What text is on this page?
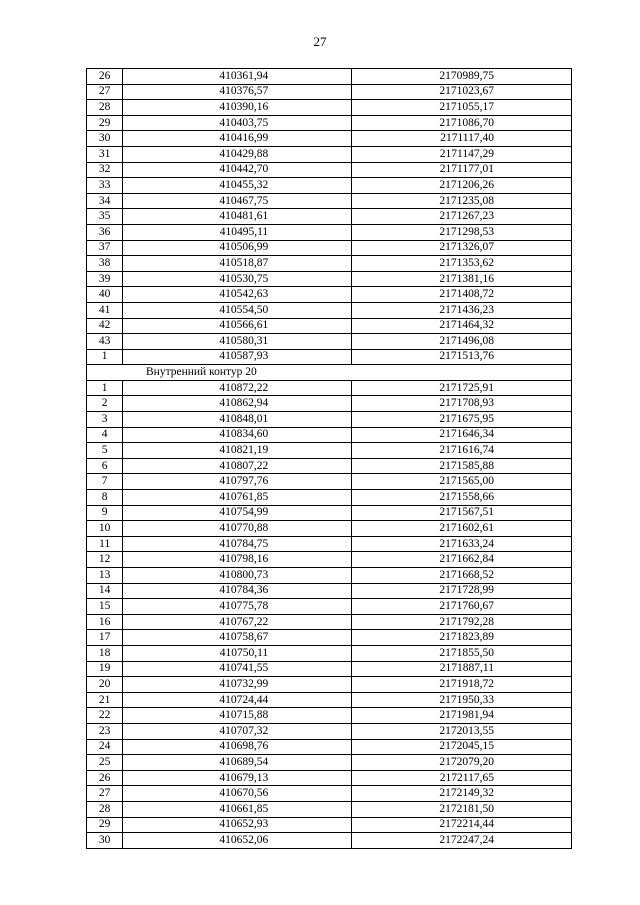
27
26	410361,94	2170989,75
27	410376,57	2171023,67
28	410390,16	2171055,17
29	410403,75	2171086,70
30	410416,99	2171117,40
31	410429,88	2171147,29
32	410442,70	2171177,01
33	410455,32	2171206,26
34	410467,75	2171235,08
35	410481,61	2171267,23
36	410495,11	2171298,53
37	410506,99	2171326,07
38	410518,87	2171353,62
39	410530,75	2171381,16
40	410542,63	2171408,72
41	410554,50	2171436,23
42	410566,61	2171464,32
43	410580,31	2171496,08
1	410587,93	2171513,76
Внутренний контур 20		
1	410872,22	2171725,91
2	410862,94	2171708,93
3	410848,01	2171675,95
4	410834,60	2171646,34
5	410821,19	2171616,74
6	410807,22	2171585,88
7	410797,76	2171565,00
8	410761,85	2171558,66
9	410754,99	2171567,51
10	410770,88	2171602,61
11	410784,75	2171633,24
12	410798,16	2171662,84
13	410800,73	2171668,52
14	410784,36	2171728,99
15	410775,78	2171760,67
16	410767,22	2171792,28
17	410758,67	2171823,89
18	410750,11	2171855,50
19	410741,55	2171887,11
20	410732,99	2171918,72
21	410724,44	2171950,33
22	410715,88	2171981,94
23	410707,32	2172013,55
24	410698,76	2172045,15
25	410689,54	2172079,20
26	410679,13	2172117,65
27	410670,56	2172149,32
28	410661,85	2172181,50
29	410652,93	2172214,44
30	410652,06	2172247,24
